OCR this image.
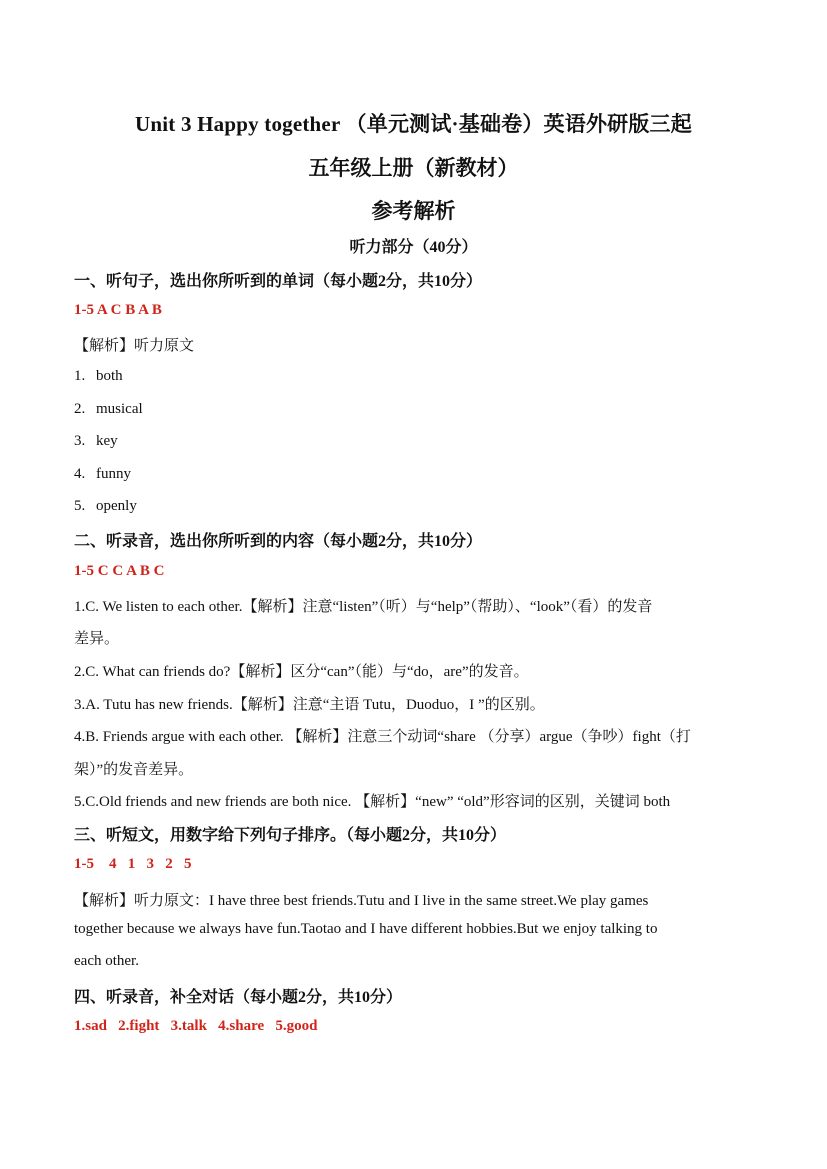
Unit 3 Happy together （单元测试·基础卷）英语外研版三起
五年级上册（新教材）
参考解析
听力部分（40分）
一、听句子，选出你所听到的单词（每小题2分，共10分）
1-5 A C B A B
【解析】听力原文
1. both
2. musical
3. key
4. funny
5. openly
二、听录音，选出你所听到的内容（每小题2分，共10分）
1-5 C C A B C
1.C. We listen to each other.【解析】注意“listen”（听）与“help”（帮助）、“look”（看）的发音
差异。
2.C. What can friends do?【解析】区分“can”（能）与“do，are”的发音。
3.A. Tutu has new friends.【解析】注意“主语 Tutu，Duoduo，I ”的区别。
4.B. Friends argue with each other. 【解析】注意三个动词“share （分享）argue（争吵）fight（打
架）”的发音差异。
5.C.Old friends and new friends are both nice. 【解析】“new” “old”形容词的区别，关键词 both
三、听短文，用数字给下列句子排序。（每小题2分，共10分）
1-5    4   1   3   2   5
【解析】听力原文：I have three best friends.Tutu and I live in the same street.We play games
together because we always have fun.Taotao and I have different hobbies.But we enjoy talking to
each other.
四、听录音，补全对话（每小题2分，共10分）
1.sad   2.fight   3.talk   4.share   5.good
